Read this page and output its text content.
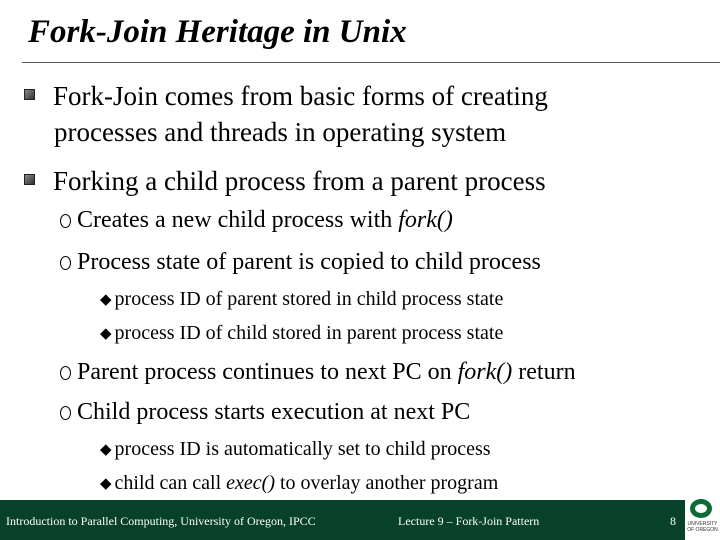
Fork-Join Heritage in Unix
Fork-Join comes from basic forms of creating
processes and threads in operating system
Forking a child process from a parent process
Creates a new child process with fork()
Process state of parent is copied to child process
◆ process ID of parent stored in child process state
◆ process ID of child stored in parent process state
Parent process continues to next PC on fork() return
Child process starts execution at next PC
◆ process ID is automatically set to child process
◆ child can call exec() to overlay another program
Introduction to Parallel Computing, University of Oregon, IPCC	Lecture 9 – Fork-Join Pattern	8 UNIVERSITY
OF OREGON
